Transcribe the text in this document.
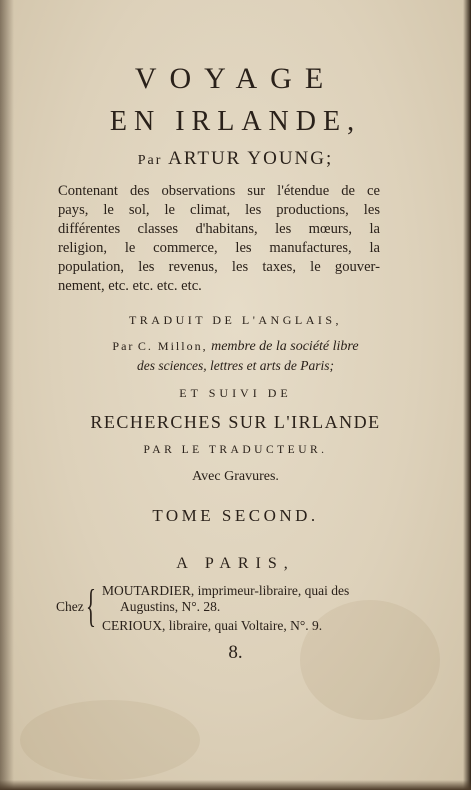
VOYAGE
EN IRLANDE,
Par ARTUR YOUNG;
Contenant des observations sur l'étendue de ce
pays, le sol, le climat, les productions, les
différentes classes d'habitans, les mœurs, la
religion, le commerce, les manufactures, la
population, les revenus, les taxes, le gouver-
nement, etc. etc. etc. etc.
TRADUIT DE L'ANGLAIS,
Par C. Millon, membre de la société libre
des sciences, lettres et arts de Paris;
ET SUIVI DE
RECHERCHES SUR L'IRLANDE
PAR LE TRADUCTEUR.
Avec Gravures.
TOME SECOND.
A PARIS,
Chez { MOUTARDIER, imprimeur-libraire, quai des
Augustins, N°. 28.
CERIOUX, libraire, quai Voltaire, N°. 9.
8.
